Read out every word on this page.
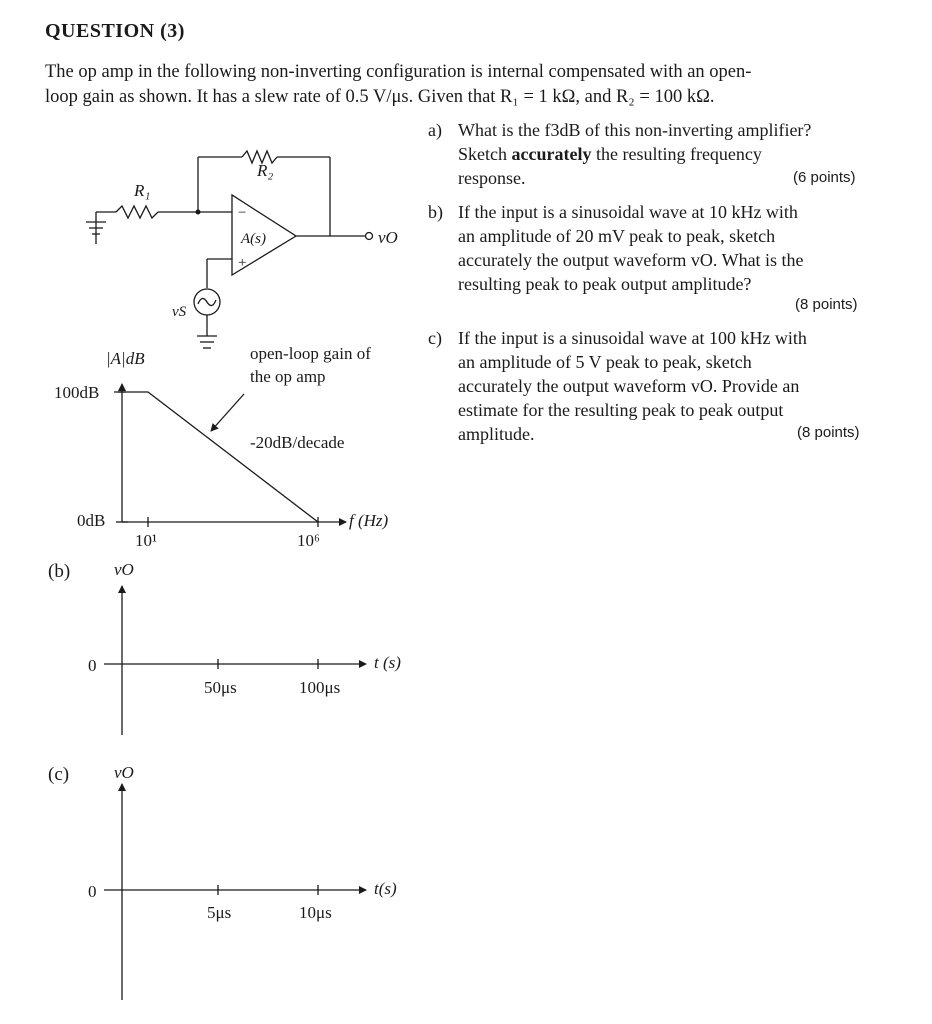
QUESTION (3)
The op amp in the following non-inverting configuration is internal compensated with an open-
loop gain as shown. It has a slew rate of 0.5 V/μs. Given that R₁ = 1 kΩ, and R₂ = 100 kΩ.
a) What is the f3dB of this non-inverting amplifier?
Sketch accurately the resulting frequency
response.	(6 points)
b) If the input is a sinusoidal wave at 10 kHz with
an amplitude of 20 mV peak to peak, sketch
accurately the output waveform vO. What is the
resulting peak to peak output amplitude?
(8 points)
c) If the input is a sinusoidal wave at 100 kHz with
an amplitude of 5 V peak to peak, sketch
accurately the output waveform vO. Provide an
estimate for the resulting peak to peak output
amplitude.	(8 points)
R₁
R₂
A(s)
−
+
vO
vS
|A|dB
100dB
0dB
10¹	10⁶
f (Hz)
-20dB/decade
open-loop gain of the op amp
(b)	vO
0
50μs	100μs
t (s)
(c)	vO
0
5μs	10μs
t(s)
